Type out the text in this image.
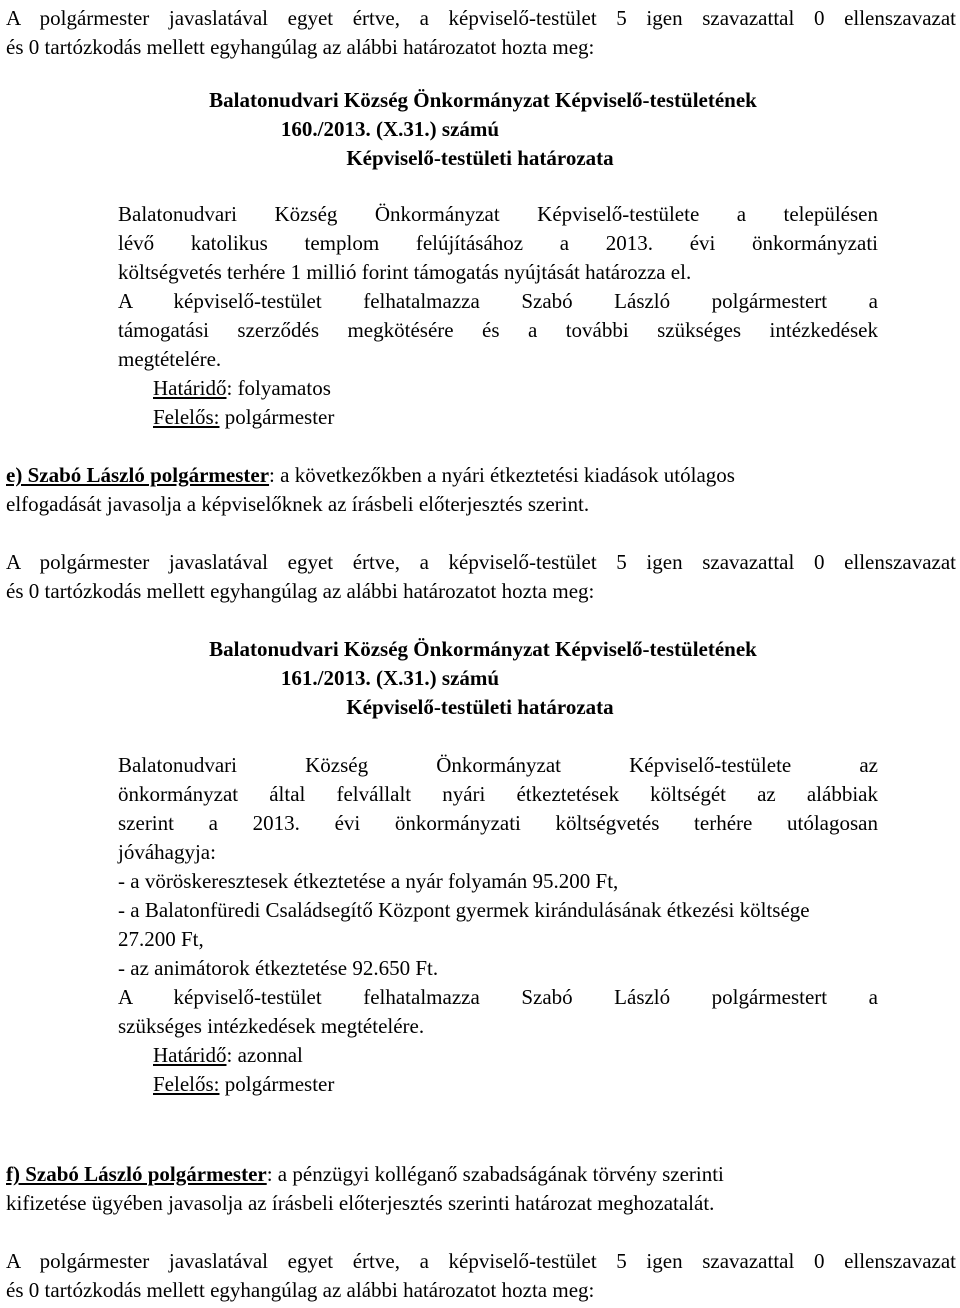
A polgármester javaslatával egyet értve, a képviselő-testület 5 igen szavazattal 0 ellenszavazat
és 0 tartózkodás mellett egyhangúlag az alábbi határozatot hozta meg:
Balatonudvari Község Önkormányzat Képviselő-testületének
160./2013. (X.31.) számú
Képviselő-testületi határozata
Balatonudvari Község Önkormányzat Képviselő-testülete a településen
lévő katolikus templom felújításához a 2013. évi önkormányzati
költségvetés terhére 1 millió forint támogatás nyújtását határozza el.
A képviselő-testület felhatalmazza Szabó László polgármestert a
támogatási szerződés megkötésére és a további szükséges intézkedések
megtételére.
Határidő: folyamatos
Felelős: polgármester
e) Szabó László polgármester: a következőkben a nyári étkeztetési kiadások utólagos
elfogadását javasolja a képviselőknek az írásbeli előterjesztés szerint.
A polgármester javaslatával egyet értve, a képviselő-testület 5 igen szavazattal 0 ellenszavazat
és 0 tartózkodás mellett egyhangúlag az alábbi határozatot hozta meg:
Balatonudvari Község Önkormányzat Képviselő-testületének
161./2013. (X.31.) számú
Képviselő-testületi határozata
Balatonudvari Község Önkormányzat Képviselő-testülete az
önkormányzat által felvállalt nyári étkeztetések költségét az alábbiak
szerint a 2013. évi önkormányzati költségvetés terhére utólagosan
jóváhagyja:
- a vöröskeresztesek étkeztetése a nyár folyamán 95.200 Ft,
- a Balatonfüredi Családsegítő Központ gyermek kirándulásának étkezési költsége
27.200 Ft,
- az animátorok étkeztetése 92.650 Ft.
A képviselő-testület felhatalmazza Szabó László polgármestert a
szükséges intézkedések megtételére.
Határidő: azonnal
Felelős: polgármester
f) Szabó László polgármester: a pénzügyi kolléganő szabadságának törvény szerinti
kifizetése ügyében javasolja az írásbeli előterjesztés szerinti határozat meghozatalát.
A polgármester javaslatával egyet értve, a képviselő-testület 5 igen szavazattal 0 ellenszavazat
és 0 tartózkodás mellett egyhangúlag az alábbi határozatot hozta meg:
